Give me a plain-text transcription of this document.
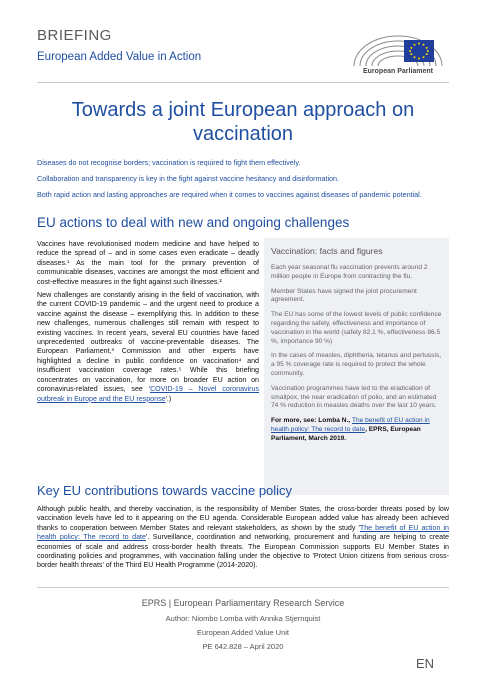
BRIEFING
European Added Value in Action
European Parliament
Towards a joint European approach on vaccination
Diseases do not recognise borders; vaccination is required to fight them effectively.
Collaboration and transparency is key in the fight against vaccine hesitancy and disinformation.
Both rapid action and lasting approaches are required when it comes to vaccines against diseases of pandemic potential.
EU actions to deal with new and ongoing challenges

Vaccines have revolutionised modern medicine and have helped to reduce the spread of – and in some cases even eradicate – deadly diseases.¹ As the main tool for the primary prevention of communicable diseases, vaccines are amongst the most efficient and cost-effective measures in the fight against such illnesses.²

New challenges are constantly arising in the field of vaccination, with the current COVID-19 pandemic – and the urgent need to produce a vaccine against the disease – exemplifying this. In addition to these new challenges, numerous challenges still remain with respect to existing vaccines. In recent years, several EU countries have faced unprecedented outbreaks of vaccine-preventable diseases. The European Parliament,³ Commission and other experts have highlighted a decline in public confidence on vaccination⁴ and insufficient vaccination coverage rates.⁵ While this briefing concentrates on vaccination, for more on broader EU action on coronavirus-related issues, see 'COVID-19 – Novel coronavirus outbreak in Europe and the EU response'.)

Vaccination: facts and figures

Each year seasonal flu vaccination prevents around 2 million people in Europe from contracting the flu.

Member States have signed the joint procurement agreement.

The EU has some of the lowest levels of public confidence regarding the safety, effectiveness and importance of vaccination in the world (safety 82.1 %, effectiveness 86.5 %, importance 90 %)

In the cases of measles, diphtheria, tetanus and pertussis, a 95 % coverage rate is required to protect the whole community.

Vaccination programmes have led to the eradication of smallpox, the near eradication of polio, and an estimated 74 % reduction in measles deaths over the last 10 years.

For more, see: Lomba N., The benefit of EU action in health policy: The record to date, EPRS, European Parliament, March 2019.

Key EU contributions towards vaccine policy
Although public health, and thereby vaccination, is the responsibility of Member States, the cross-border threats posed by low vaccination levels have led to it appearing on the EU agenda. Considerable European added value has already been achieved thanks to cooperation between Member States and relevant stakeholders, as shown by the study 'The benefit of EU action in health policy: The record to date'. Surveillance, coordination and networking, procurement and funding are helping to create economies of scale and address cross-border health threats. The European Commission supports EU Member States in coordinating policies and programmes, with vaccination falling under the objective to 'Protect Union citizens from serious cross-border health threats' of the Third EU Health Programme (2014-2020).
EPRS | European Parliamentary Research Service
Author: Niombo Lomba with Annika Stjernquist
European Added Value Unit
PE 642.828 – April 2020
EN
